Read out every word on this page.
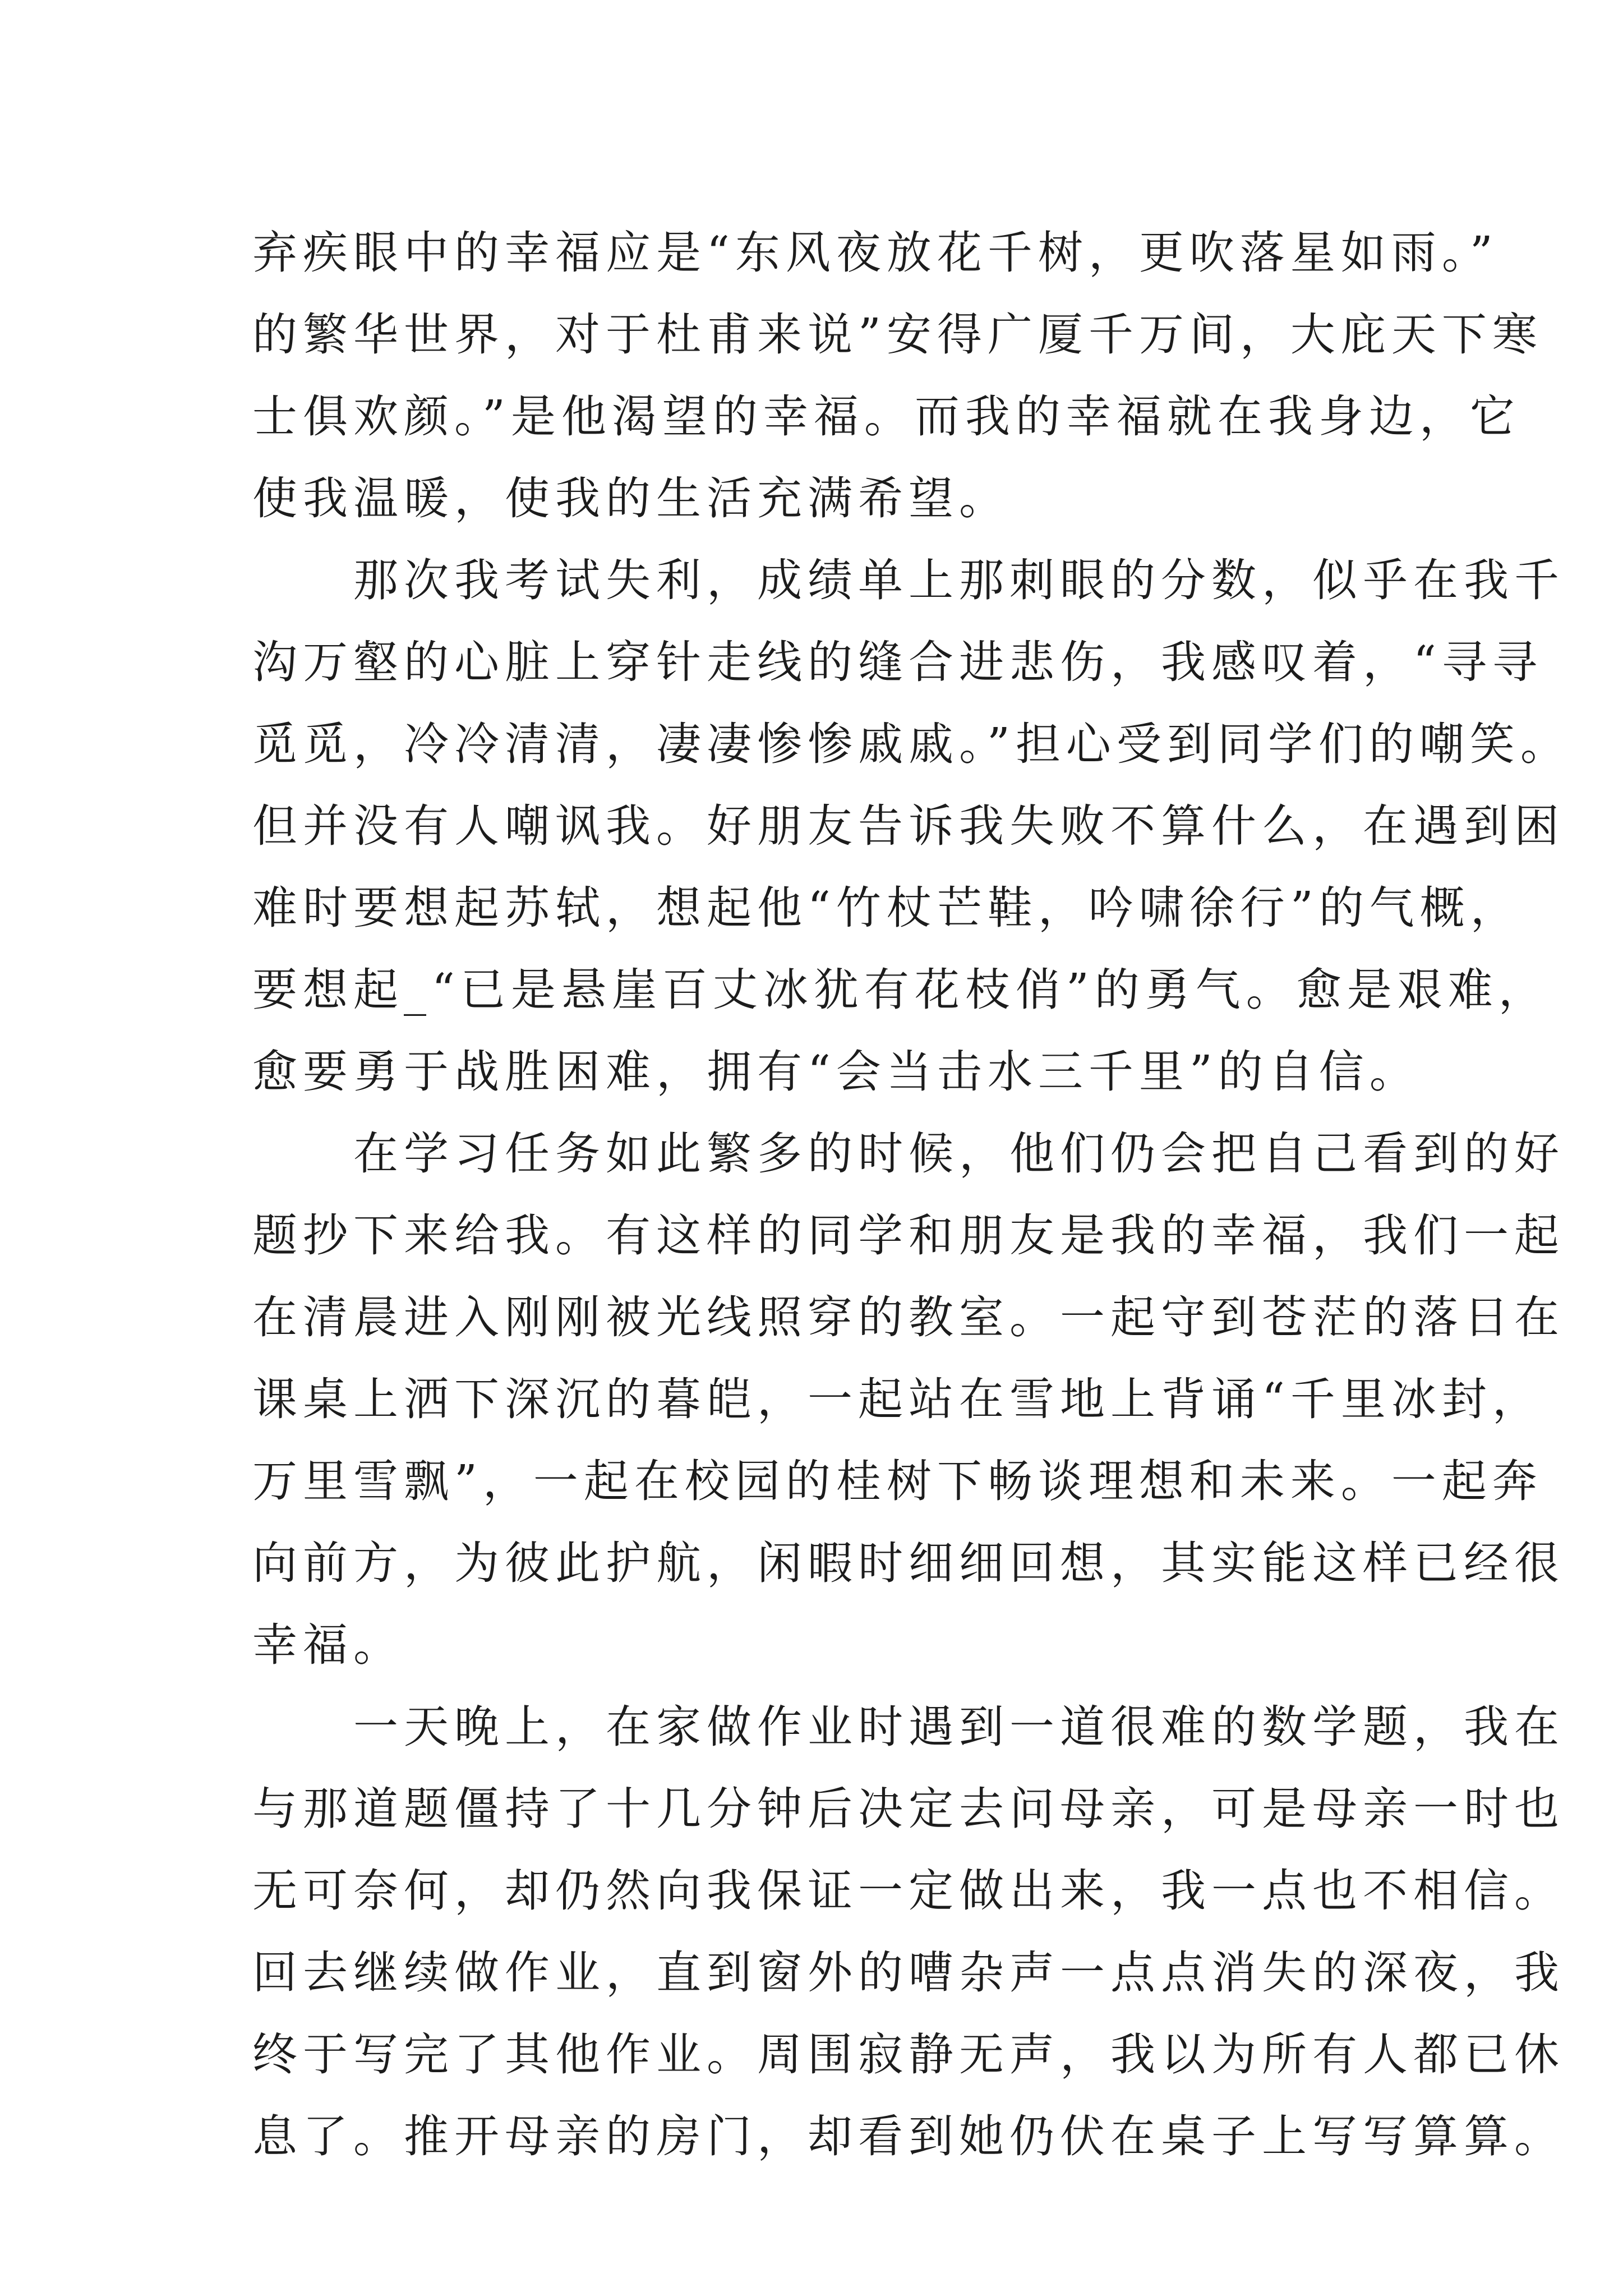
弃疾眼中的幸福应是“东风夜放花千树，更吹落星如雨。”
的繁华世界，对于杜甫来说”安得广厦千万间，大庇天下寒
士俱欢颜。”是他渴望的幸福。而我的幸福就在我身边，它
使我温暖，使我的生活充满希望。
　　那次我考试失利，成绩单上那刺眼的分数，似乎在我千
沟万壑的心脏上穿针走线的缝合进悲伤，我感叹着，“寻寻
觅觅，冷冷清清，凄凄惨惨戚戚。”担心受到同学们的嘲笑。
但并没有人嘲讽我。好朋友告诉我失败不算什么，在遇到困
难时要想起苏轼，想起他“竹杖芒鞋，吟啸徐行”的气概，
要想起_“已是悬崖百丈冰犹有花枝俏”的勇气。愈是艰难，
愈要勇于战胜困难，拥有“会当击水三千里”的自信。
　　在学习任务如此繁多的时候，他们仍会把自己看到的好
题抄下来给我。有这样的同学和朋友是我的幸福，我们一起
在清晨进入刚刚被光线照穿的教室。一起守到苍茫的落日在
课桌上洒下深沉的暮皑，一起站在雪地上背诵“千里冰封，
万里雪飘”，一起在校园的桂树下畅谈理想和未来。一起奔
向前方，为彼此护航，闲暇时细细回想，其实能这样已经很
幸福。
　　一天晚上，在家做作业时遇到一道很难的数学题，我在
与那道题僵持了十几分钟后决定去问母亲，可是母亲一时也
无可奈何，却仍然向我保证一定做出来，我一点也不相信。
回去继续做作业，直到窗外的嘈杂声一点点消失的深夜，我
终于写完了其他作业。周围寂静无声，我以为所有人都已休
息了。推开母亲的房门，却看到她仍伏在桌子上写写算算。
